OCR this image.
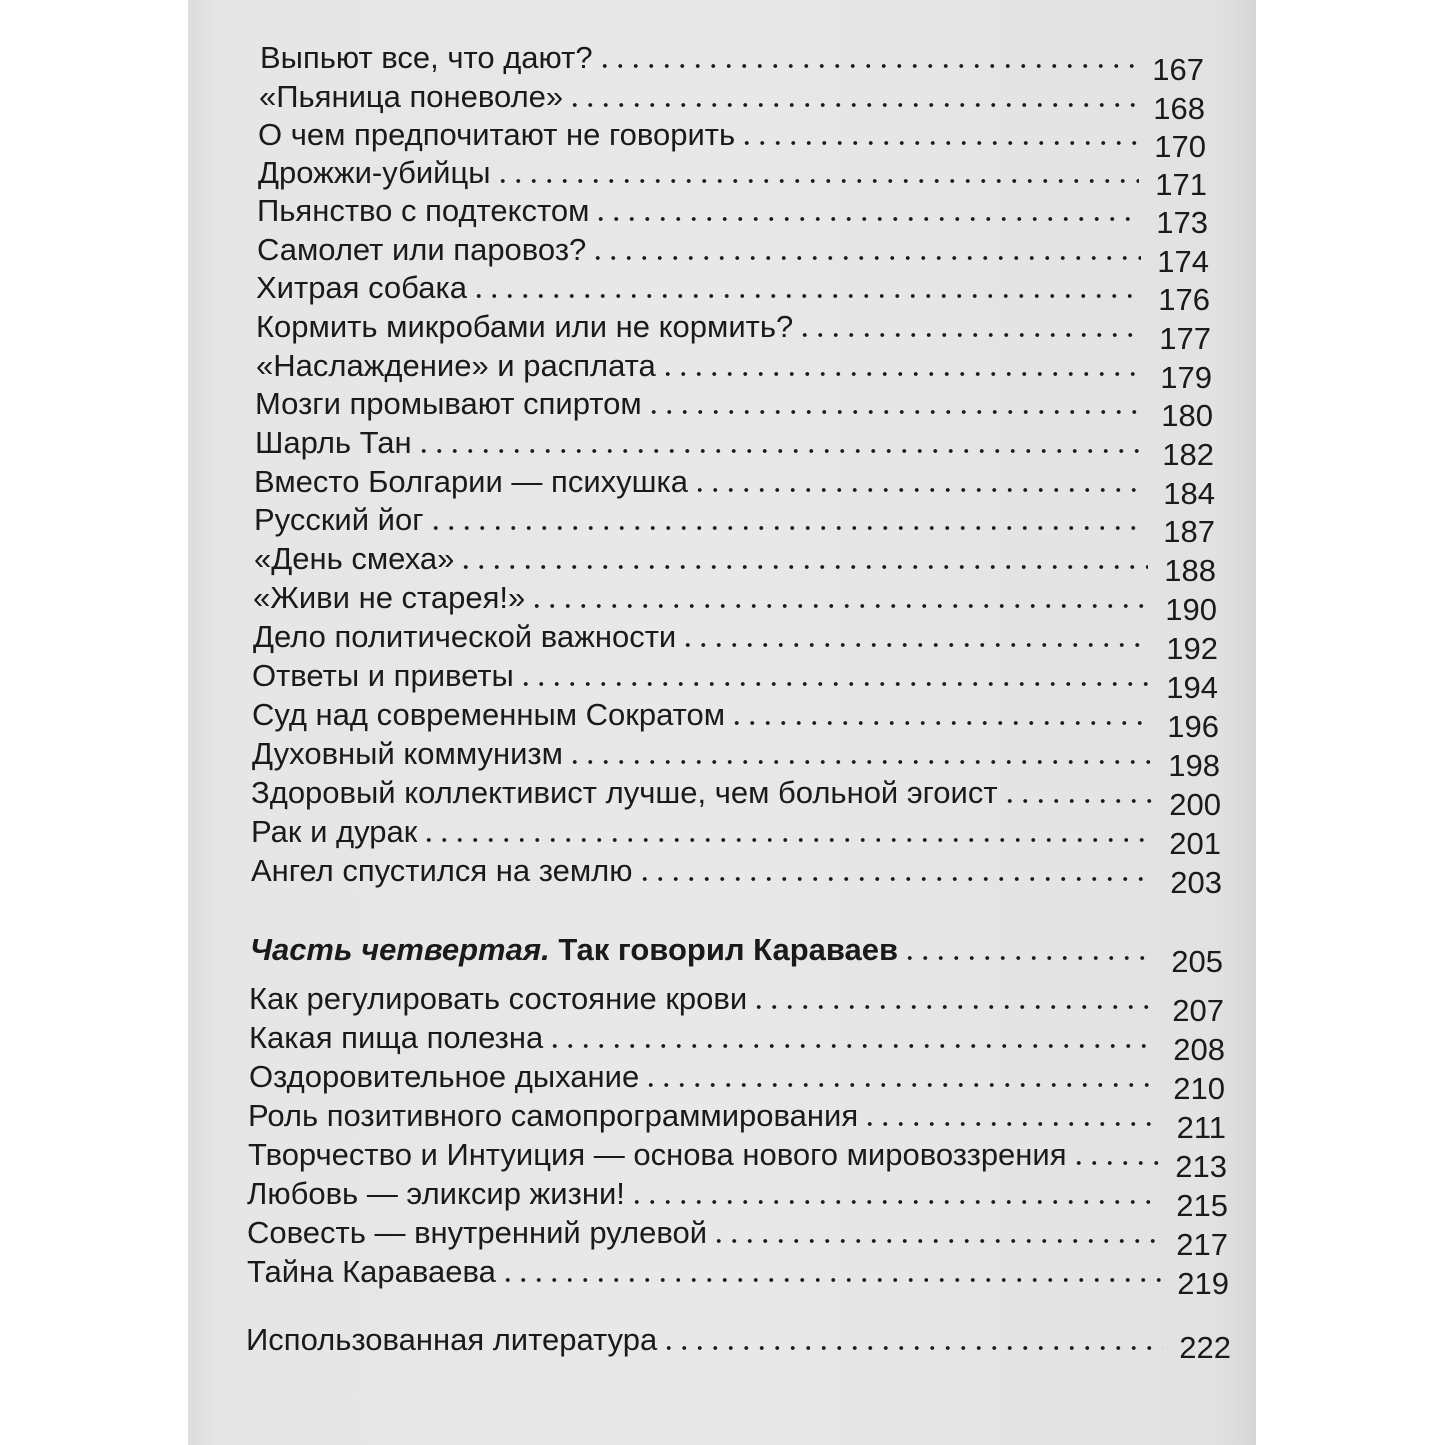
Выпьют все, что дают?	167
«Пьяница поневоле»	168
О чем предпочитают не говорить	170
Дрожжи-убийцы	171
Пьянство с подтекстом	173
Самолет или паровоз?	174
Хитрая собака	176
Кормить микробами или не кормить?	177
«Наслаждение» и расплата	179
Мозги промывают спиртом	180
Шарль Тан	182
Вместо Болгарии — психушка	184
Русский йог	187
«День смеха»	188
«Живи не старея!»	190
Дело политической важности	192
Ответы и приветы	194
Суд над современным Сократом	196
Духовный коммунизм	198
Здоровый коллективист лучше, чем больной эгоист	200
Рак и дурак	201
Ангел спустился на землю	203
Часть четвертая. Так говорил Караваев	205
Как регулировать состояние крови	207
Какая пища полезна	208
Оздоровительное дыхание	210
Роль позитивного самопрограммирования	211
Творчество и Интуиция — основа нового мировоззрения	213
Любовь — эликсир жизни!	215
Совесть — внутренний рулевой	217
Тайна Караваева	219
Использованная литература	222
